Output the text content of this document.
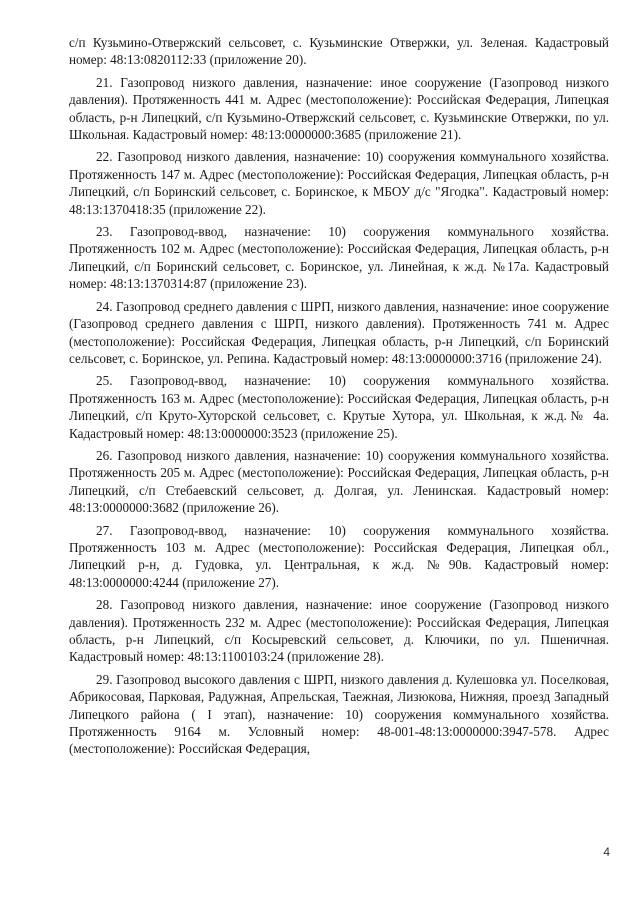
с/п Кузьмино-Отвержский сельсовет, с. Кузьминские Отвержки, ул. Зеленая. Кадастровый номер: 48:13:0820112:33 (приложение 20).

21. Газопровод низкого давления, назначение: иное сооружение (Газопровод низкого давления). Протяженность 441 м. Адрес (местоположение): Российская Федерация, Липецкая область, р-н Липецкий, с/п Кузьмино-Отвержский сельсовет, с. Кузьминские Отвержки, по ул. Школьная. Кадастровый номер: 48:13:0000000:3685 (приложение 21).

22. Газопровод низкого давления, назначение: 10) сооружения коммунального хозяйства. Протяженность 147 м. Адрес (местоположение): Российская Федерация, Липецкая область, р-н Липецкий, с/п Боринский сельсовет, с. Боринское, к МБОУ д/с "Ягодка". Кадастровый номер: 48:13:1370418:35 (приложение 22).

23. Газопровод-ввод, назначение: 10) сооружения коммунального хозяйства. Протяженность 102 м. Адрес (местоположение): Российская Федерация, Липецкая область, р-н Липецкий, с/п Боринский сельсовет, с. Боринское, ул. Линейная, к ж.д. №17а. Кадастровый номер: 48:13:1370314:87 (приложение 23).

24. Газопровод среднего давления с ШРП, низкого давления, назначение: иное сооружение (Газопровод среднего давления с ШРП, низкого давления). Протяженность 741 м. Адрес (местоположение): Российская Федерация, Липецкая область, р-н Липецкий, с/п Боринский сельсовет, с. Боринское, ул. Репина. Кадастровый номер: 48:13:0000000:3716 (приложение 24).

25. Газопровод-ввод, назначение: 10) сооружения коммунального хозяйства. Протяженность 163 м. Адрес (местоположение): Российская Федерация, Липецкая область, р-н Липецкий, с/п Круто-Хуторской сельсовет, с. Крутые Хутора, ул. Школьная, к ж.д.№ 4а. Кадастровый номер: 48:13:0000000:3523 (приложение 25).

26. Газопровод низкого давления, назначение: 10) сооружения коммунального хозяйства. Протяженность 205 м. Адрес (местоположение): Российская Федерация, Липецкая область, р-н Липецкий, с/п Стебаевский сельсовет, д. Долгая, ул. Ленинская. Кадастровый номер: 48:13:0000000:3682 (приложение 26).

27. Газопровод-ввод, назначение: 10) сооружения коммунального хозяйства. Протяженность 103 м. Адрес (местоположение): Российская Федерация, Липецкая обл., Липецкий р-н, д. Гудовка, ул. Центральная, к ж.д. №90в. Кадастровый номер: 48:13:0000000:4244 (приложение 27).

28. Газопровод низкого давления, назначение: иное сооружение (Газопровод низкого давления). Протяженность 232 м. Адрес (местоположение): Российская Федерация, Липецкая область, р-н Липецкий, с/п Косыревский сельсовет, д. Ключики, по ул. Пшеничная. Кадастровый номер: 48:13:1100103:24 (приложение 28).

29. Газопровод высокого давления с ШРП, низкого давления д. Кулешовка ул. Поселковая, Абрикосовая, Парковая, Радужная, Апрельская, Таежная, Лизюкова, Нижняя, проезд Западный Липецкого района ( I этап), назначение: 10) сооружения коммунального хозяйства. Протяженность 9164 м. Условный номер: 48-001-48:13:0000000:3947-578. Адрес (местоположение): Российская Федерация,

4
